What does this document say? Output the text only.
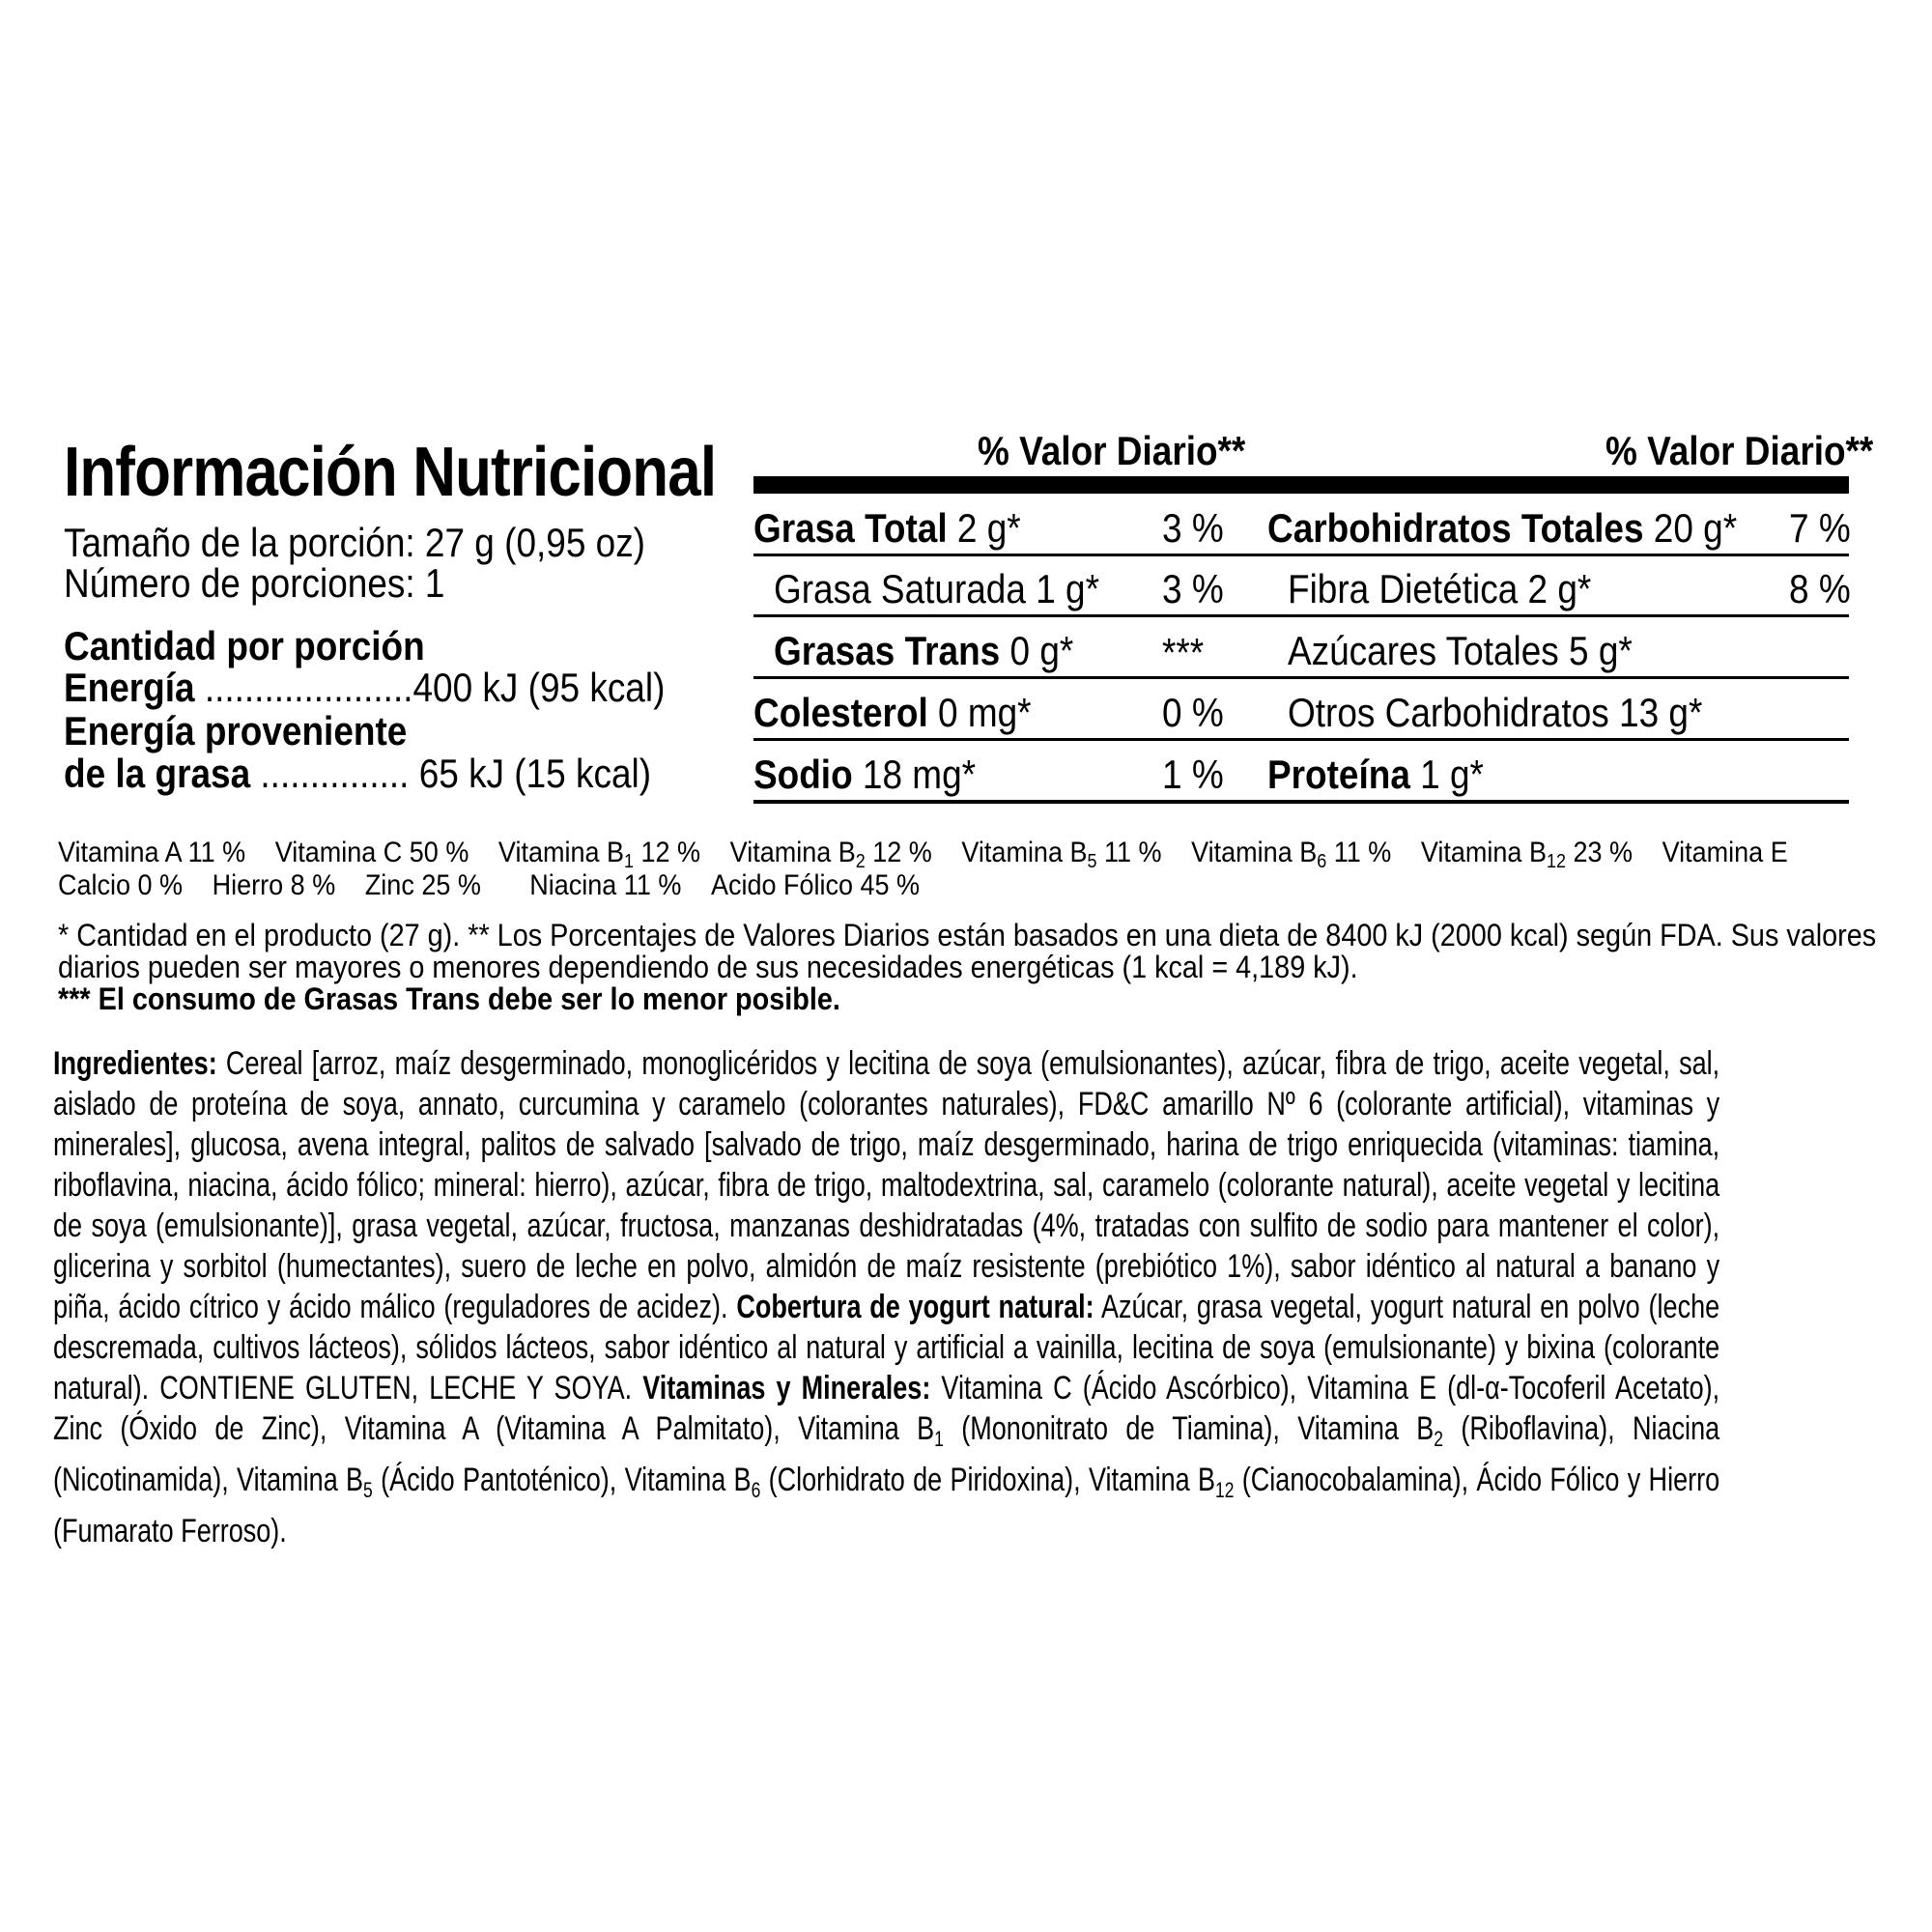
Información Nutricional
Tamaño de la porción: 27 g (0,95 oz)
Número de porciones: 1
Cantidad por porción
Energía .....................400 kJ (95 kcal)
Energía proveniente
de la grasa ............... 65 kJ (15 kcal)
% Valor Diario**	% Valor Diario**
Grasa Total 2 g*
Grasa Saturada 1 g*
Grasas Trans 0 g*
Colesterol 0 mg*
Sodio 18 mg*
3 %
3 %
***
0 %
1 %
Carbohidratos Totales 20 g*
Fibra Dietética 2 g*
Azúcares Totales 5 g*
Otros Carbohidratos 13 g*
Proteína 1 g*
7 %
8 %
Vitamina A 11 % Vitamina C 50 % Vitamina $B_1$ 12 % Vitamina $B_2$ 12 % Vitamina $B_5$ 11 % Vitamina $B_6$ 11 % Vitamina $B_{12}$ 23 % Vitamina E
Calcio 0 % Hierro 8 % Zinc 25 % Niacina 11 % Acido Fólico 45 %
* Cantidad en el producto (27 g). ** Los Porcentajes de Valores Diarios están basados en una dieta de 8400 kJ (2000 kcal) según FDA. Sus valores
diarios pueden ser mayores o menores dependiendo de sus necesidades energéticas (1 kcal = 4,189 kJ).
*** El consumo de Grasas Trans debe ser lo menor posible.
Ingredientes: Cereal [arroz, maíz desgerminado, monoglicéridos y lecitina de soya (emulsionantes), azúcar, fibra de trigo, aceite vegetal, sal, aislado de proteína de soya, annato, curcumina y caramelo (colorantes naturales), FD&C amarillo Nº 6 (colorante artificial), vitaminas y minerales], glucosa, avena integral, palitos de salvado [salvado de trigo, maíz desgerminado, harina de trigo enriquecida (vitaminas: tiamina, riboflavina, niacina, ácido fólico; mineral: hierro), azúcar, fibra de trigo, maltodextrina, sal, caramelo (colorante natural), aceite vegetal y lecitina de soya (emulsionante)], grasa vegetal, azúcar, fructosa, manzanas deshidratadas (4%, tratadas con sulfito de sodio para mantener el color), glicerina y sorbitol (humectantes), suero de leche en polvo, almidón de maíz resistente (prebiótico 1%), sabor idéntico al natural a banano y piña, ácido cítrico y ácido málico (reguladores de acidez). Cobertura de yogurt natural: Azúcar, grasa vegetal, yogurt natural en polvo (leche descremada, cultivos lácteos), sólidos lácteos, sabor idéntico al natural y artificial a vainilla, lecitina de soya (emulsionante) y bixina (colorante natural). CONTIENE GLUTEN, LECHE Y SOYA. Vitaminas y Minerales: Vitamina C (Ácido Ascórbico), Vitamina E (dl-α-Tocoferil Acetato), Zinc (Óxido de Zinc), Vitamina A (Vitamina A Palmitato), Vitamina $B_1$ (Mononitrato de Tiamina), Vitamina $B_2$ (Riboflavina), Niacina (Nicotinamida), Vitamina $B_5$ (Ácido Pantoténico), Vitamina $B_6$ (Clorhidrato de Piridoxina), Vitamina $B_{12}$ (Cianocobalamina), Ácido Fólico y Hierro (Fumarato Ferroso).
